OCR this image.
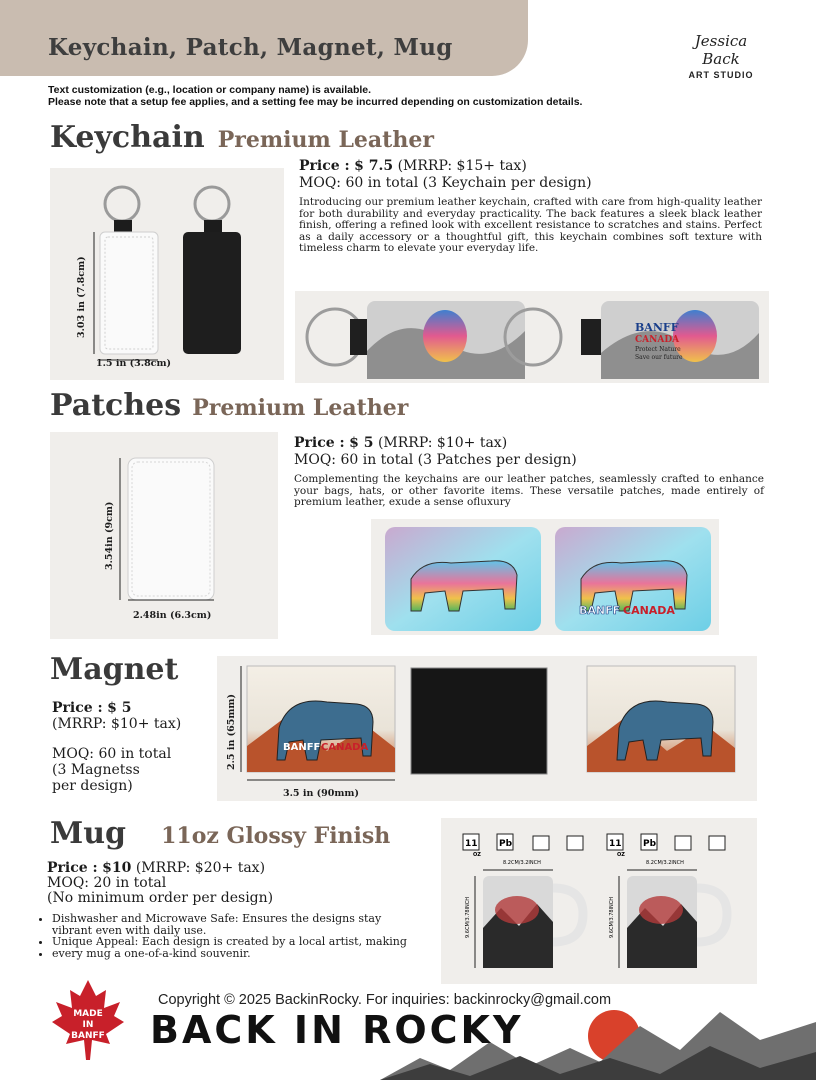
Keychain, Patch, Magnet, Mug	Jessica Back
ART STUDIO
Text customization (e.g., location or company name) is available.
Please note that a setup fee applies, and a setting fee may be incurred depending on customization details.
Keychain Premium Leather
3.03 in (7.8cm)
1.5 in (3.8cm)
Price : $ 7.5 (MRRP: $15+ tax)
MOQ: 60 in total (3 Keychain per design)
Introducing our premium leather keychain, crafted with care from high-quality leather for both durability and everyday practicality. The back features a sleek black leather finish, offering a refined look with excellent resistance to scratches and stains. Perfect as a daily accessory or a thoughtful gift, this keychain combines soft texture with timeless charm to elevate your everyday life.
BANFF
CANADA
Protect Nature
Save our future
Patches Premium Leather
3.54in (9cm)
2.48in (6.3cm)
Price : $ 5 (MRRP: $10+ tax)
MOQ: 60 in total (3 Patches per design)
Complementing the keychains are our leather patches, seamlessly crafted to enhance your bags, hats, or other favorite items. These versatile patches, made entirely of premium leather, exude a sense ofluxury
BANFF CANADA
Magnet
Price : $ 5
(MRRP: $10+ tax)
MOQ: 60 in total
(3 Magnetss
per design)
BANFF CANADA
2.5 in (65mm)
3.5 in (90mm)
Mug 11oz Glossy Finish
Price : $10 (MRRP: $20+ tax)
MOQ: 20 in total
(No minimum order per design)
• Dishwasher and Microwave Safe: Ensures the designs stay vibrant even with daily use.
• Unique Appeal: Each design is created by a local artist, making
• every mug a one-of-a-kind souvenir.
11
OZ
Pb	11
OZ
Pb
8.2CM/3.2INCH	8.2CM/3.2INCH
9.6CM/3.78INCH	9.6CM/3.78INCH
MADE
IN
BANFF
Copyright © 2025 BackinRocky. For inquiries: backinrocky@gmail.com
BACK IN ROCKY
